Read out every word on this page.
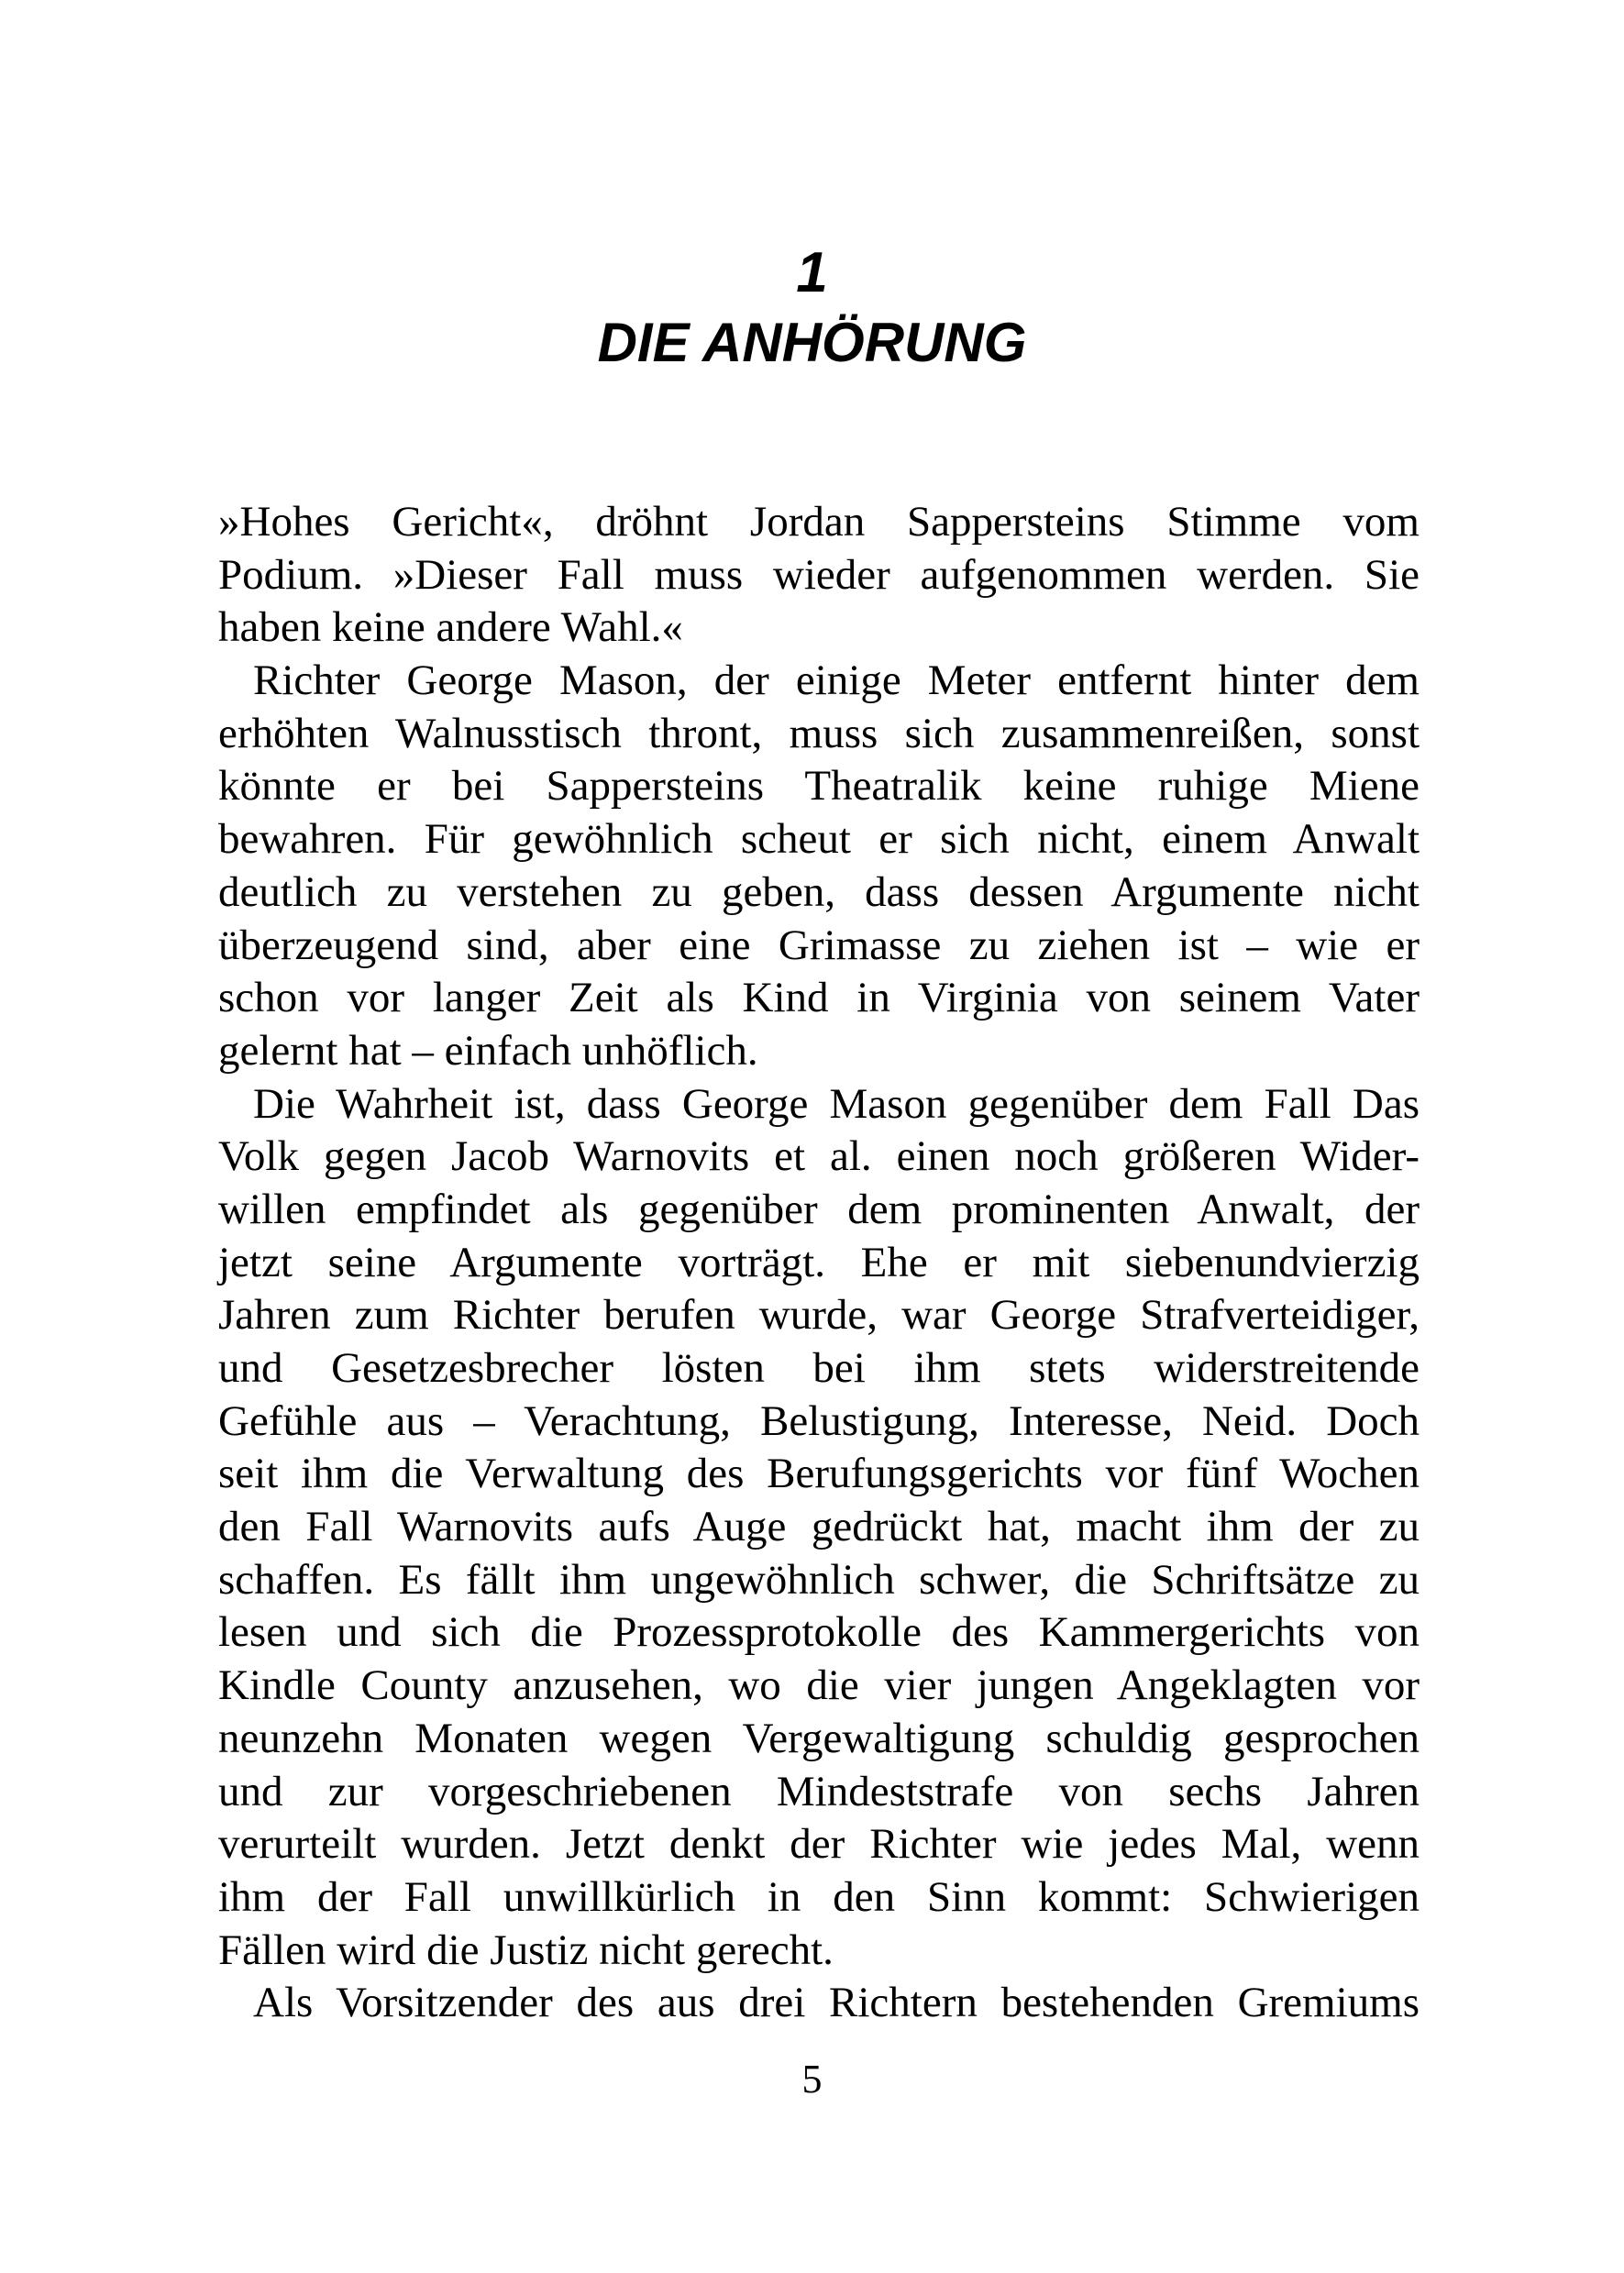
1
DIE ANHÖRUNG
»Hohes Gericht«, dröhnt Jordan Sappersteins Stimme vom
Podium. »Dieser Fall muss wieder aufgenommen werden. Sie
haben keine andere Wahl.«
Richter George Mason, der einige Meter entfernt hinter dem
erhöhten Walnusstisch thront, muss sich zusammenreißen, sonst
könnte er bei Sappersteins Theatralik keine ruhige Miene
bewahren. Für gewöhnlich scheut er sich nicht, einem Anwalt
deutlich zu verstehen zu geben, dass dessen Argumente nicht
überzeugend sind, aber eine Grimasse zu ziehen ist – wie er
schon vor langer Zeit als Kind in Virginia von seinem Vater
gelernt hat – einfach unhöflich.
Die Wahrheit ist, dass George Mason gegenüber dem Fall Das
Volk gegen Jacob Warnovits et al. einen noch größeren Wider-
willen empfindet als gegenüber dem prominenten Anwalt, der
jetzt seine Argumente vorträgt. Ehe er mit siebenundvierzig
Jahren zum Richter berufen wurde, war George Strafverteidiger,
und Gesetzesbrecher lösten bei ihm stets widerstreitende
Gefühle aus – Verachtung, Belustigung, Interesse, Neid. Doch
seit ihm die Verwaltung des Berufungsgerichts vor fünf Wochen
den Fall Warnovits aufs Auge gedrückt hat, macht ihm der zu
schaffen. Es fällt ihm ungewöhnlich schwer, die Schriftsätze zu
lesen und sich die Prozessprotokolle des Kammergerichts von
Kindle County anzusehen, wo die vier jungen Angeklagten vor
neunzehn Monaten wegen Vergewaltigung schuldig gesprochen
und zur vorgeschriebenen Mindeststrafe von sechs Jahren
verurteilt wurden. Jetzt denkt der Richter wie jedes Mal, wenn
ihm der Fall unwillkürlich in den Sinn kommt: Schwierigen
Fällen wird die Justiz nicht gerecht.
Als Vorsitzender des aus drei Richtern bestehenden Gremiums
5
